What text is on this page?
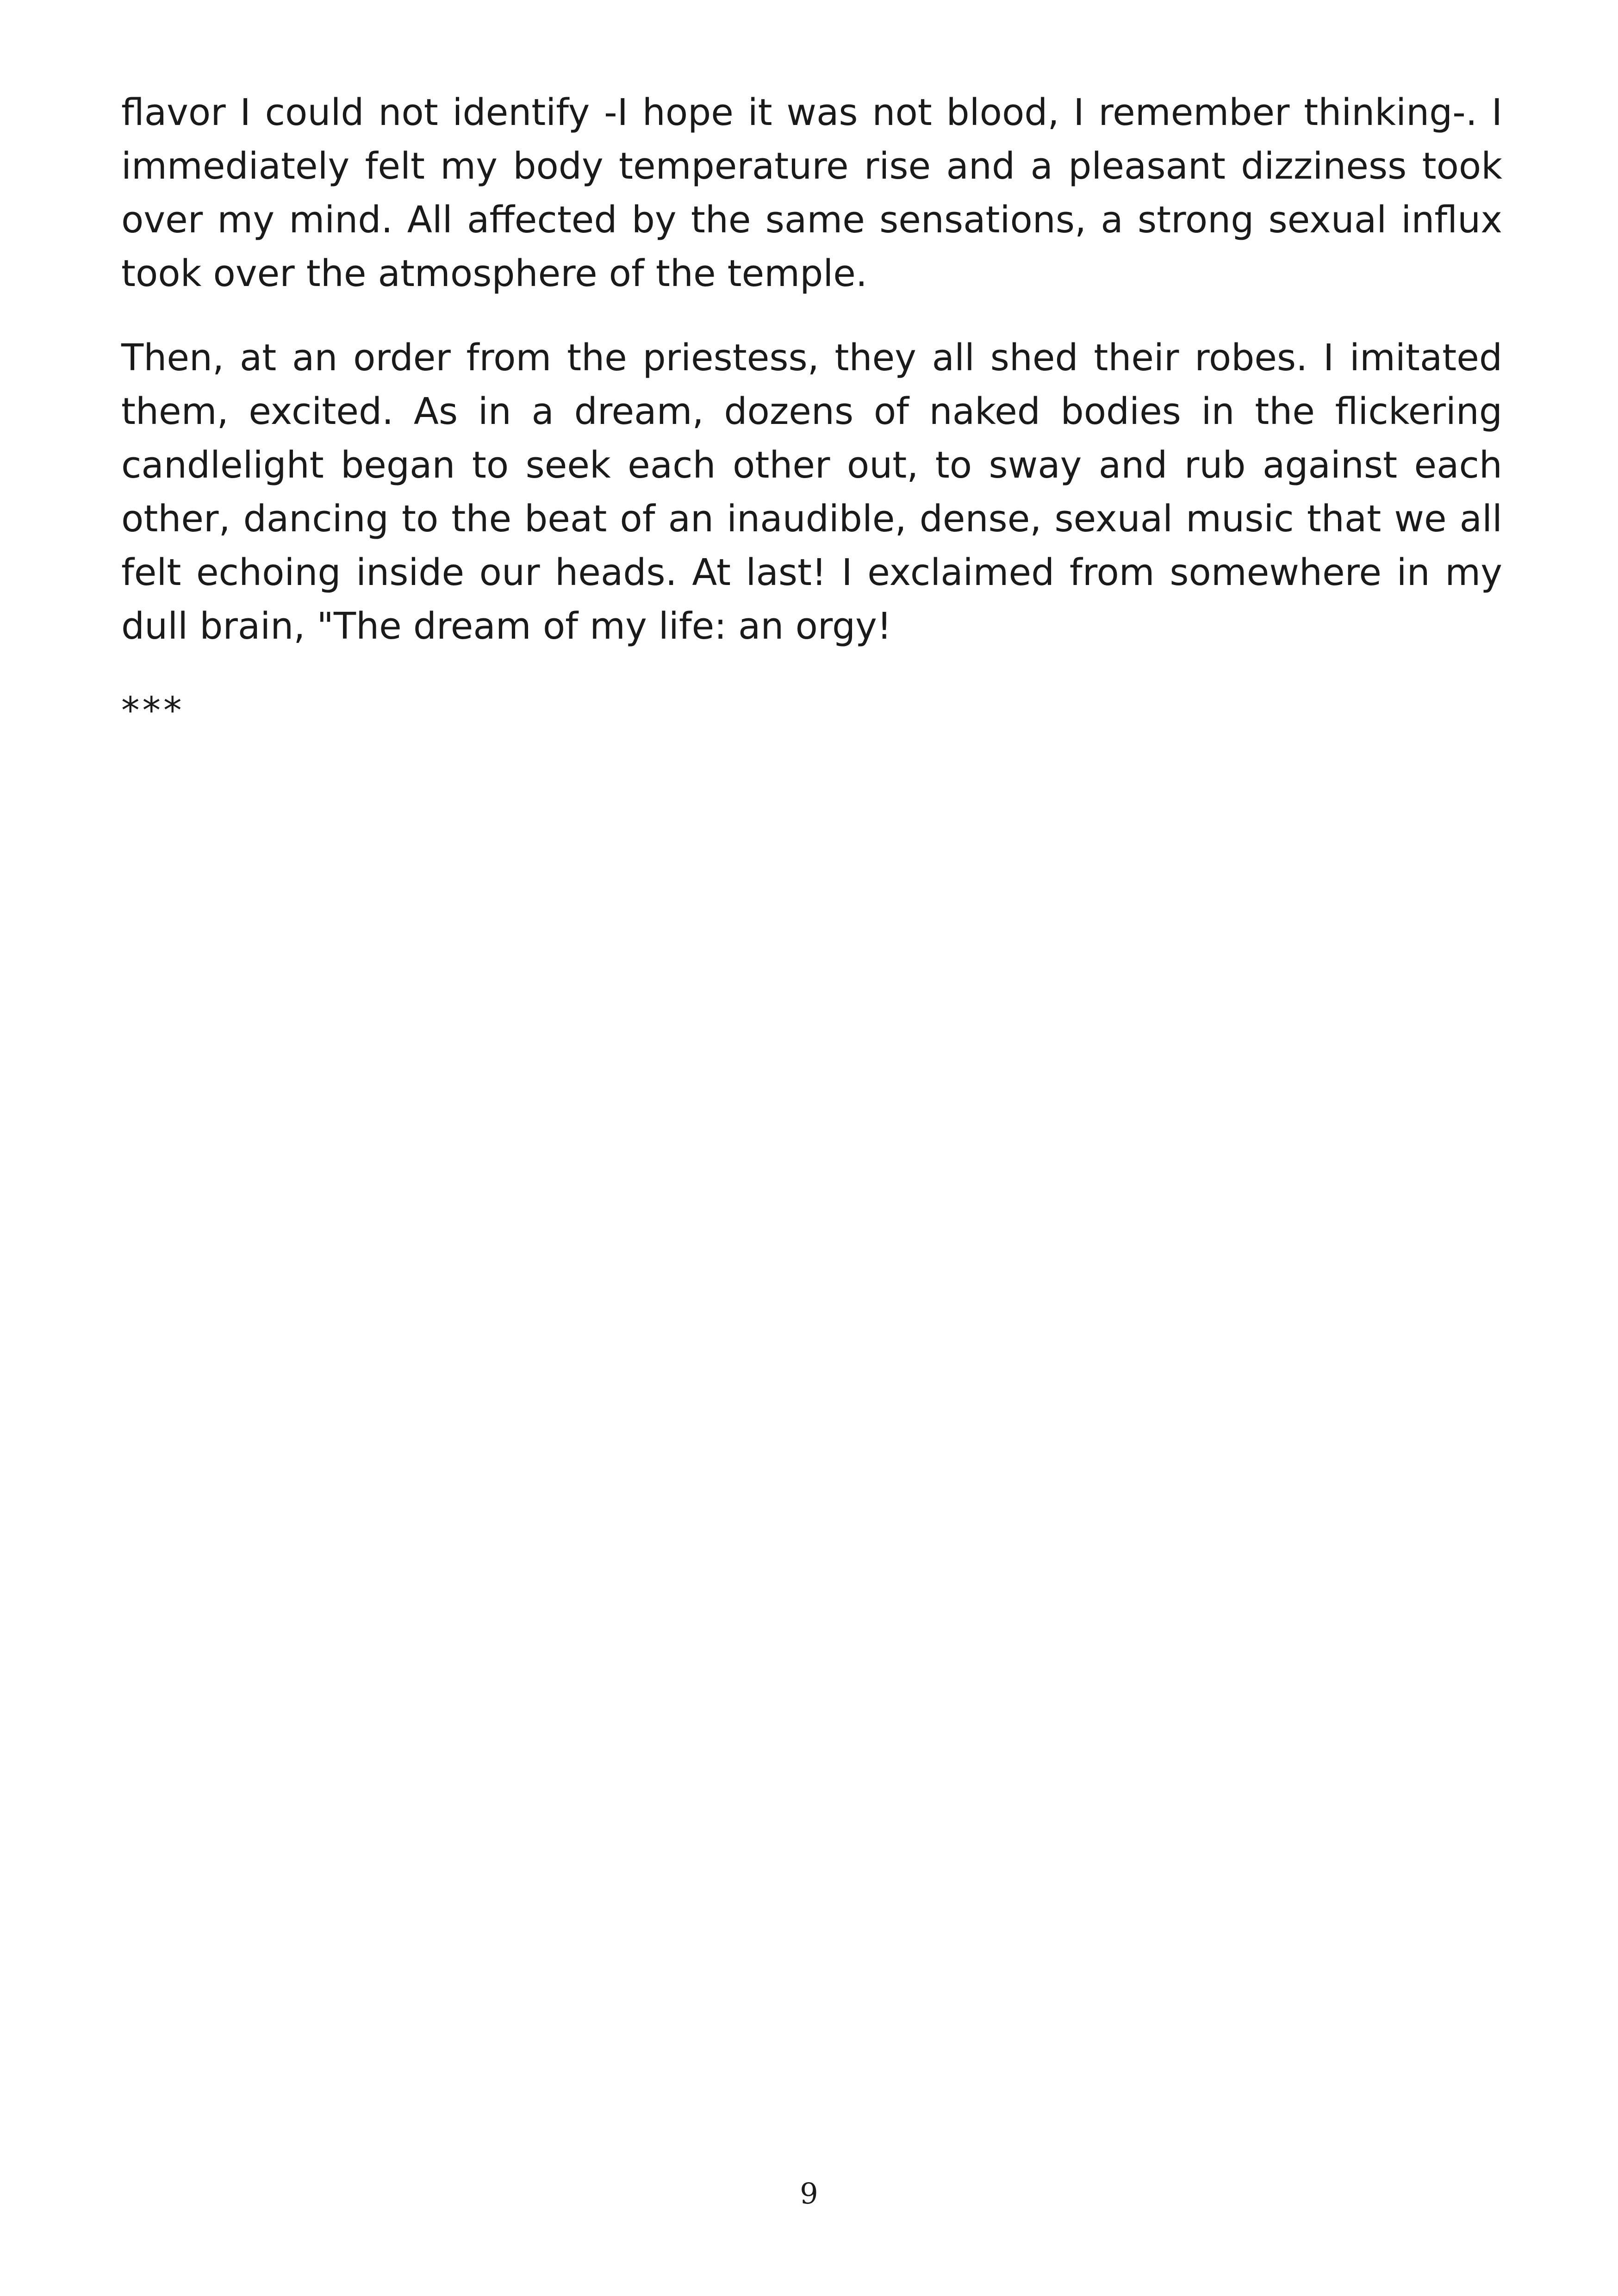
flavor I could not identify -I hope it was not blood, I remember thinking-. I immediately felt my body temperature rise and a pleasant dizziness took over my mind. All affected by the same sensations, a strong sexual influx took over the atmosphere of the temple.

Then, at an order from the priestess, they all shed their robes. I imitated them, excited. As in a dream, dozens of naked bodies in the flickering candlelight began to seek each other out, to sway and rub against each other, dancing to the beat of an inaudible, dense, sexual music that we all felt echoing inside our heads. At last! I exclaimed from somewhere in my dull brain, "The dream of my life: an orgy!

***

9
